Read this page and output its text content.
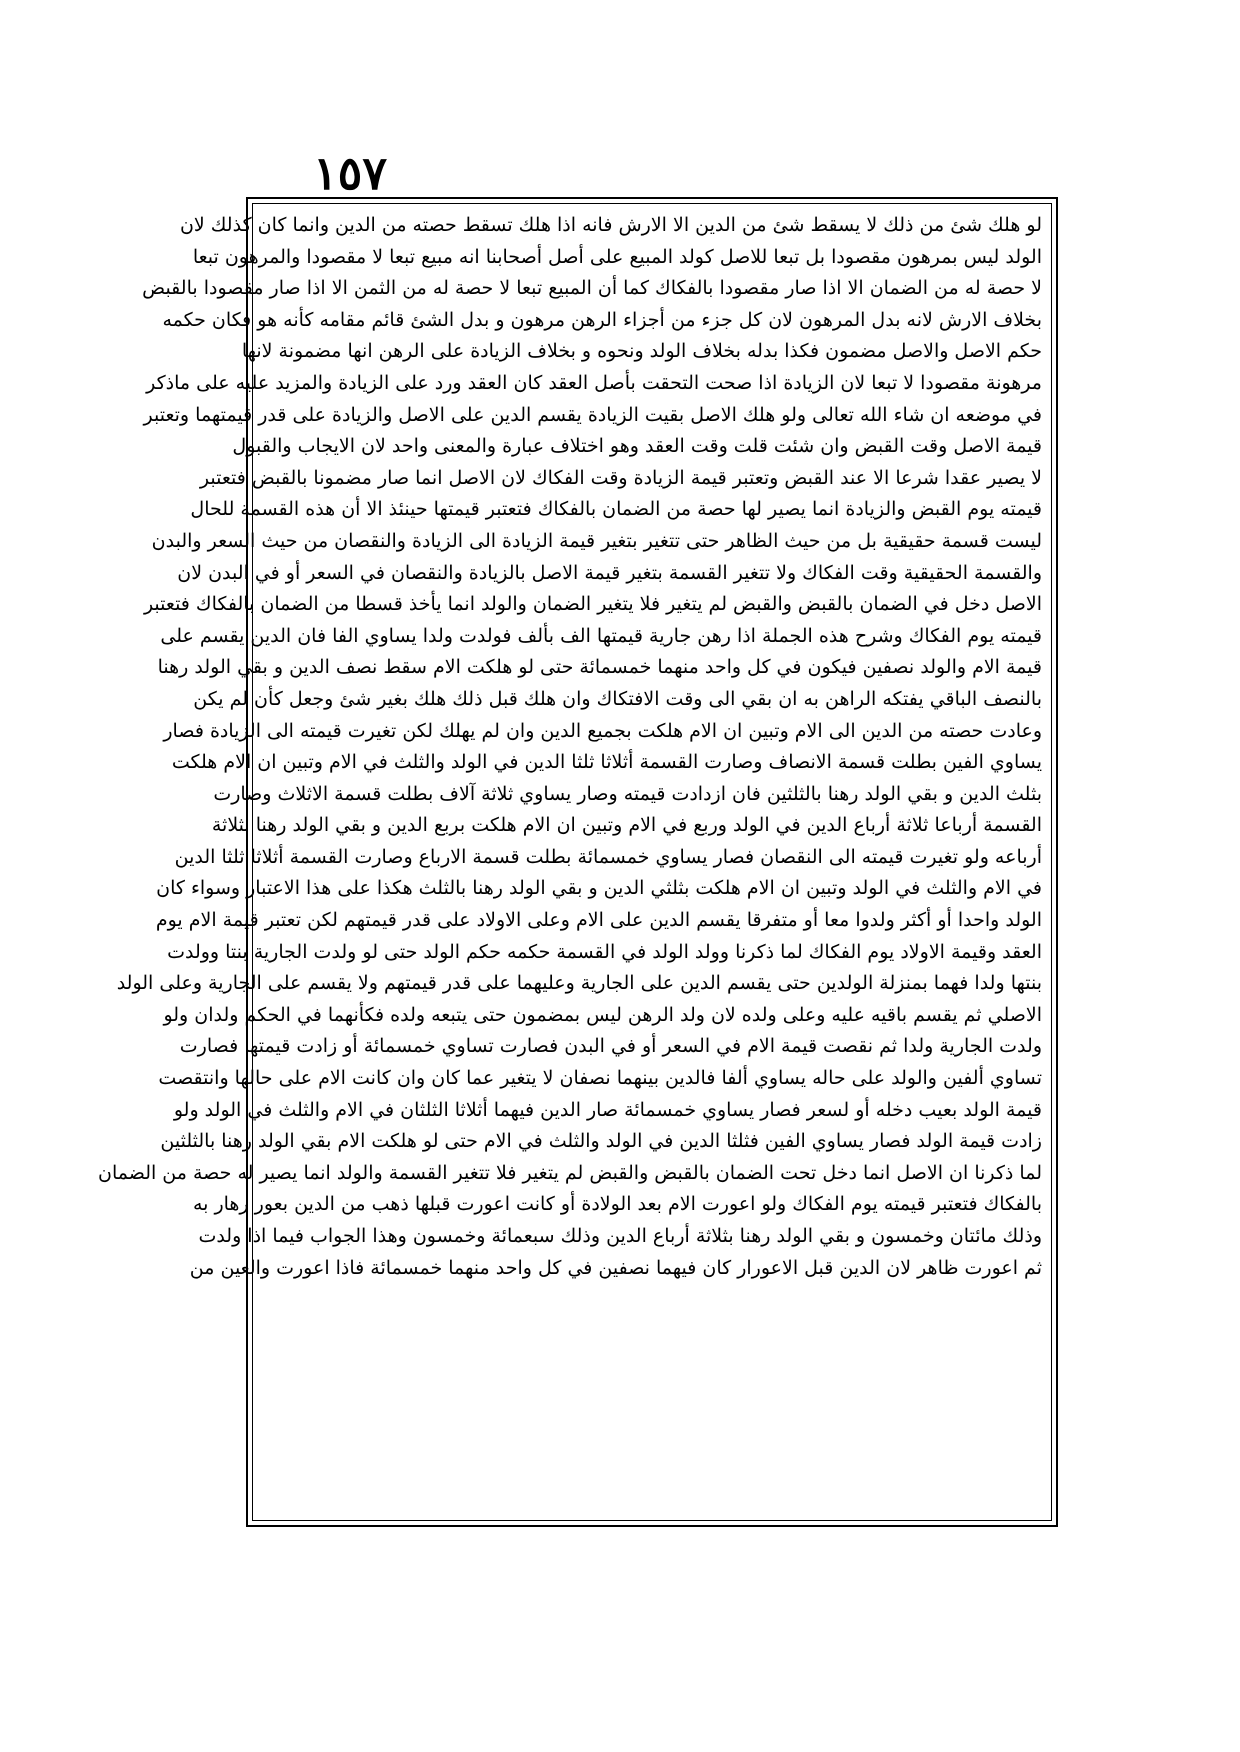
١٥٧
لو هلك شئ من ذلك لا يسقط شئ من الدين الا الارش فانه اذا هلك تسقط حصته من الدين وانما كان كذلك لان
الولد ليس بمرهون مقصودا بل تبعا للاصل كولد المبيع على أصل أصحابنا انه مبيع تبعا لا مقصودا والمرهون تبعا
لا حصة له من الضمان الا اذا صار مقصودا بالفكاك كما أن المبيع تبعا لا حصة له من الثمن الا اذا صار مقصودا بالقبض
بخلاف الارش لانه بدل المرهون لان كل جزء من أجزاء الرهن مرهون و بدل الشئ قائم مقامه كأنه هو فكان حكمه
حكم الاصل والاصل مضمون فكذا بدله بخلاف الولد ونحوه و بخلاف الزيادة على الرهن انها مضمونة لانها
مرهونة مقصودا لا تبعا لان الزيادة اذا صحت التحقت بأصل العقد كان العقد ورد على الزيادة والمزيد عليه على ماذكر
في موضعه ان شاء الله تعالى ولو هلك الاصل بقيت الزيادة يقسم الدين على الاصل والزيادة على قدر قيمتهما وتعتبر
قيمة الاصل وقت القبض وان شئت قلت وقت العقد وهو اختلاف عبارة والمعنى واحد لان الايجاب والقبول
لا يصير عقدا شرعا الا عند القبض وتعتبر قيمة الزيادة وقت الفكاك لان الاصل انما صار مضمونا بالقبض فتعتبر
قيمته يوم القبض والزيادة انما يصير لها حصة من الضمان بالفكاك فتعتبر قيمتها حينئذ الا أن هذه القسمة للحال
ليست قسمة حقيقية بل من حيث الظاهر حتى تتغير بتغير قيمة الزيادة الى الزيادة والنقصان من حيث السعر والبدن
والقسمة الحقيقية وقت الفكاك ولا تتغير القسمة بتغير قيمة الاصل بالزيادة والنقصان في السعر أو في البدن لان
الاصل دخل في الضمان بالقبض والقبض لم يتغير فلا يتغير الضمان والولد انما يأخذ قسطا من الضمان بالفكاك فتعتبر
قيمته يوم الفكاك وشرح هذه الجملة اذا رهن جارية قيمتها الف بألف فولدت ولدا يساوي الفا فان الدين يقسم على
قيمة الام والولد نصفين فيكون في كل واحد منهما خمسمائة حتى لو هلكت الام سقط نصف الدين و بقي الولد رهنا
بالنصف الباقي يفتكه الراهن به ان بقي الى وقت الافتكاك وان هلك قبل ذلك هلك بغير شئ وجعل كأن لم يكن
وعادت حصته من الدين الى الام وتبين ان الام هلكت بجميع الدين وان لم يهلك لكن تغيرت قيمته الى الزيادة فصار
يساوي الفين بطلت قسمة الانصاف وصارت القسمة أثلاثا ثلثا الدين في الولد والثلث في الام وتبين ان الام هلكت
بثلث الدين و بقي الولد رهنا بالثلثين فان ازدادت قيمته وصار يساوي ثلاثة آلاف بطلت قسمة الاثلاث وصارت
القسمة أرباعا ثلاثة أرباع الدين في الولد وربع في الام وتبين ان الام هلكت بربع الدين و بقي الولد رهنا بثلاثة
أرباعه ولو تغيرت قيمته الى النقصان فصار يساوي خمسمائة بطلت قسمة الارباع وصارت القسمة أثلاثا ثلثا الدين
في الام والثلث في الولد وتبين ان الام هلكت بثلثي الدين و بقي الولد رهنا بالثلث هكذا على هذا الاعتبار وسواء كان
الولد واحدا أو أكثر ولدوا معا أو متفرقا يقسم الدين على الام وعلى الاولاد على قدر قيمتهم لكن تعتبر قيمة الام يوم
العقد وقيمة الاولاد يوم الفكاك لما ذكرنا وولد الولد في القسمة حكمه حكم الولد حتى لو ولدت الجارية بنتا وولدت
بنتها ولدا فهما بمنزلة الولدين حتى يقسم الدين على الجارية وعليهما على قدر قيمتهم ولا يقسم على الجارية وعلى الولد
الاصلي ثم يقسم باقيه عليه وعلى ولده لان ولد الرهن ليس بمضمون حتى يتبعه ولده فكأنهما في الحكم ولدان ولو
ولدت الجارية ولدا ثم نقصت قيمة الام في السعر أو في البدن فصارت تساوي خمسمائة أو زادت قيمتها فصارت
تساوي ألفين والولد على حاله يساوي ألفا فالدين بينهما نصفان لا يتغير عما كان وان كانت الام على حالها وانتقصت
قيمة الولد بعيب دخله أو لسعر فصار يساوي خمسمائة صار الدين فيهما أثلاثا الثلثان في الام والثلث في الولد ولو
زادت قيمة الولد فصار يساوي الفين فثلثا الدين في الولد والثلث في الام حتى لو هلكت الام بقي الولد رهنا بالثلثين
لما ذكرنا ان الاصل انما دخل تحت الضمان بالقبض والقبض لم يتغير فلا تتغير القسمة والولد انما يصير له حصة من الضمان
بالفكاك فتعتبر قيمته يوم الفكاك ولو اعورت الام بعد الولادة أو كانت اعورت قبلها ذهب من الدين بعور رهار به
وذلك مائتان وخمسون و بقي الولد رهنا بثلاثة أرباع الدين وذلك سبعمائة وخمسون وهذا الجواب فيما اذا ولدت
ثم اعورت ظاهر لان الدين قبل الاعورار كان فيهما نصفين في كل واحد منهما خمسمائة فاذا اعورت والعين من
